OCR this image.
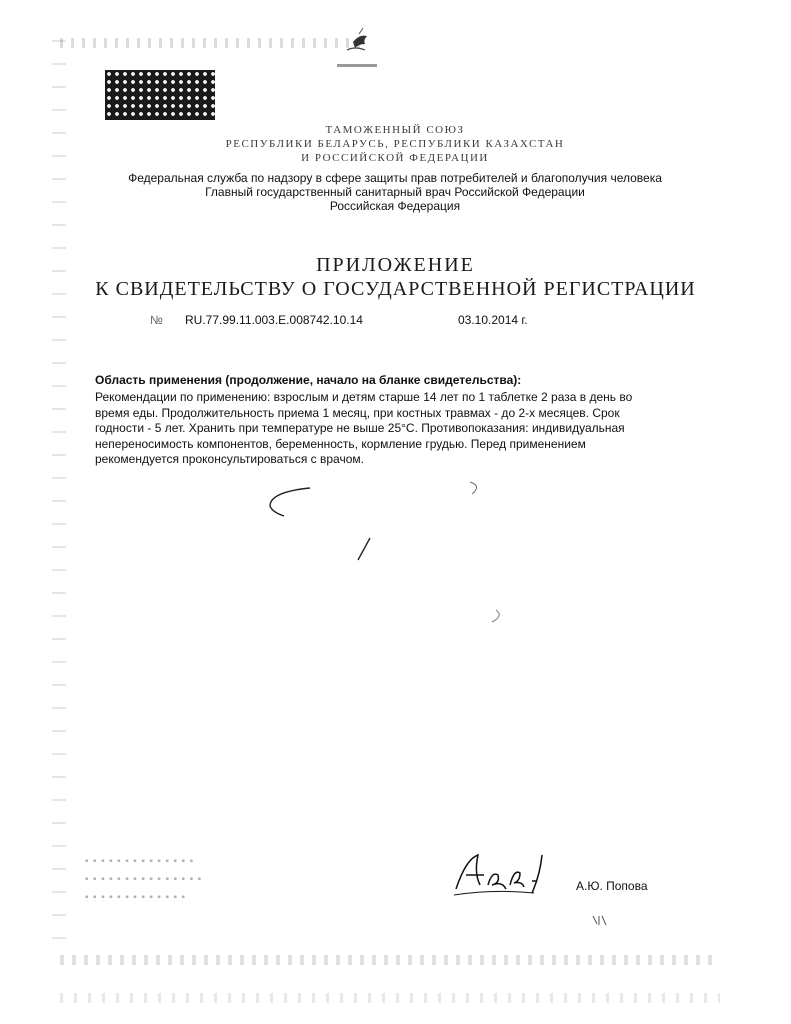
ТАМОЖЕННЫЙ СОЮЗ
РЕСПУБЛИКИ БЕЛАРУСЬ, РЕСПУБЛИКИ КАЗАХСТАН
И РОССИЙСКОЙ ФЕДЕРАЦИИ
Федеральная служба по надзору в сфере защиты прав потребителей и благополучия человека
Главный государственный санитарный врач Российской Федерации
Российская Федерация
ПРИЛОЖЕНИЕ
К СВИДЕТЕЛЬСТВУ О ГОСУДАРСТВЕННОЙ РЕГИСТРАЦИИ
№ RU.77.99.11.003.Е.008742.10.14	03.10.2014 г.
Область применения (продолжение, начало на бланке свидетельства):
Рекомендации по применению: взрослым и детям старше 14 лет по 1 таблетке 2 раза в день во время еды. Продолжительность приема 1 месяц, при костных травмах - до 2-х месяцев. Срок годности - 5 лет. Хранить при температуре не выше 25°С. Противопоказания: индивидуальная непереносимость компонентов, беременность, кормление грудью. Перед применением рекомендуется проконсультироваться с врачом.
▪ ▪ ▪ ▪ ▪ ▪ ▪ ▪ ▪ ▪ ▪ ▪ ▪ ▪
▪ ▪ ▪ ▪ ▪ ▪ ▪ ▪ ▪ ▪ ▪ ▪ ▪ ▪ ▪
▪ ▪ ▪ ▪ ▪ ▪ ▪ ▪ ▪ ▪ ▪ ▪ ▪
А.Ю. Попова
